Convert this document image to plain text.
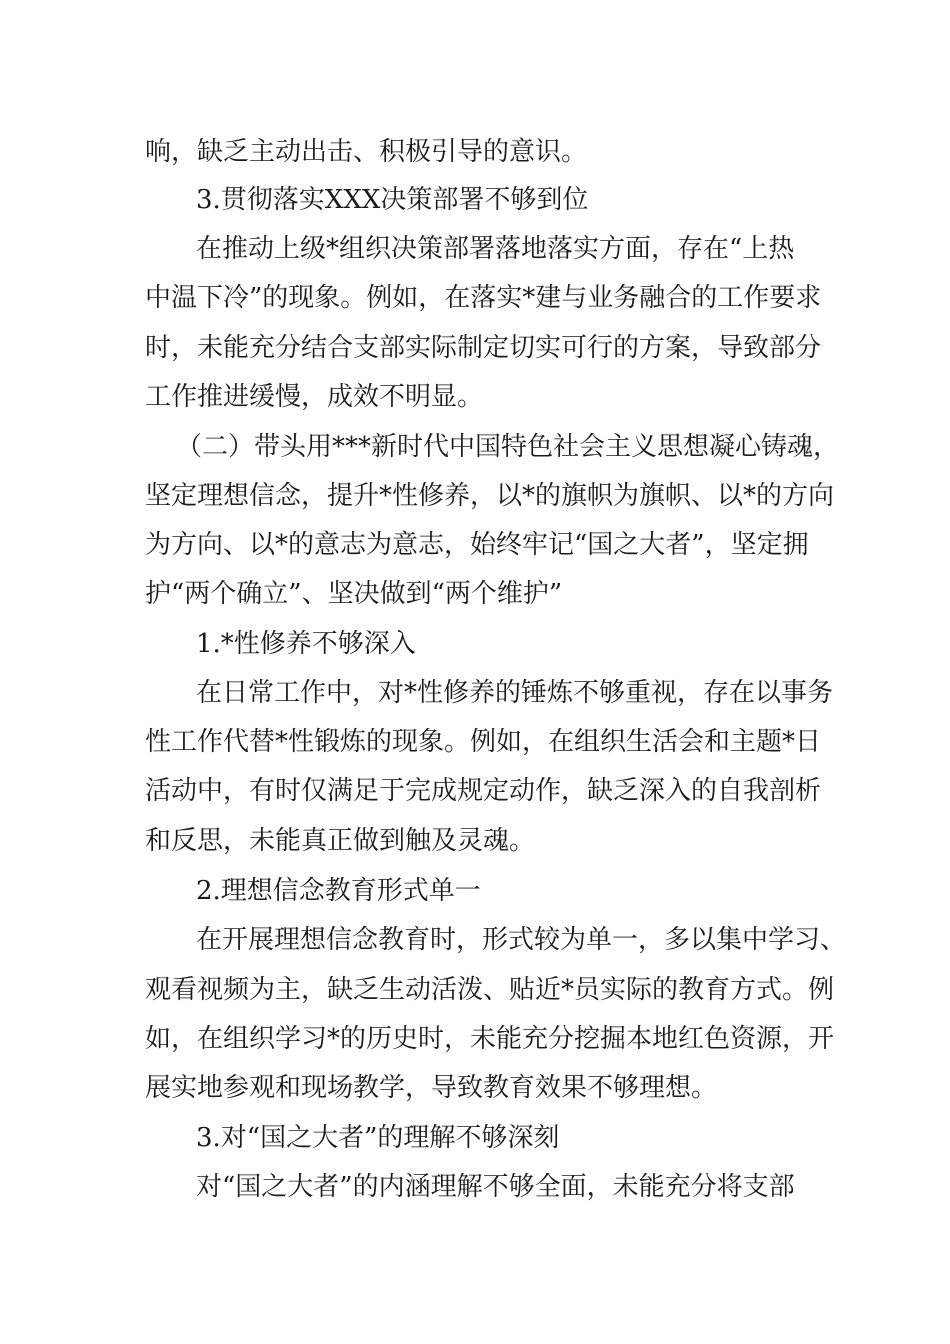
响，缺乏主动出击、积极引导的意识。
3.贯彻落实XXX决策部署不够到位
在推动上级*组织决策部署落地落实方面，存在“上热
中温下冷”的现象。例如，在落实*建与业务融合的工作要求
时，未能充分结合支部实际制定切实可行的方案，导致部分
工作推进缓慢，成效不明显。
（二）带头用***新时代中国特色社会主义思想凝心铸魂，
坚定理想信念，提升*性修养，以*的旗帜为旗帜、以*的方向
为方向、以*的意志为意志，始终牢记“国之大者”，坚定拥
护“两个确立”、坚决做到“两个维护”
1.*性修养不够深入
在日常工作中，对*性修养的锤炼不够重视，存在以事务
性工作代替*性锻炼的现象。例如，在组织生活会和主题*日
活动中，有时仅满足于完成规定动作，缺乏深入的自我剖析
和反思，未能真正做到触及灵魂。
2.理想信念教育形式单一
在开展理想信念教育时，形式较为单一，多以集中学习、
观看视频为主，缺乏生动活泼、贴近*员实际的教育方式。例
如，在组织学习*的历史时，未能充分挖掘本地红色资源，开
展实地参观和现场教学，导致教育效果不够理想。
3.对“国之大者”的理解不够深刻
对“国之大者”的内涵理解不够全面，未能充分将支部
